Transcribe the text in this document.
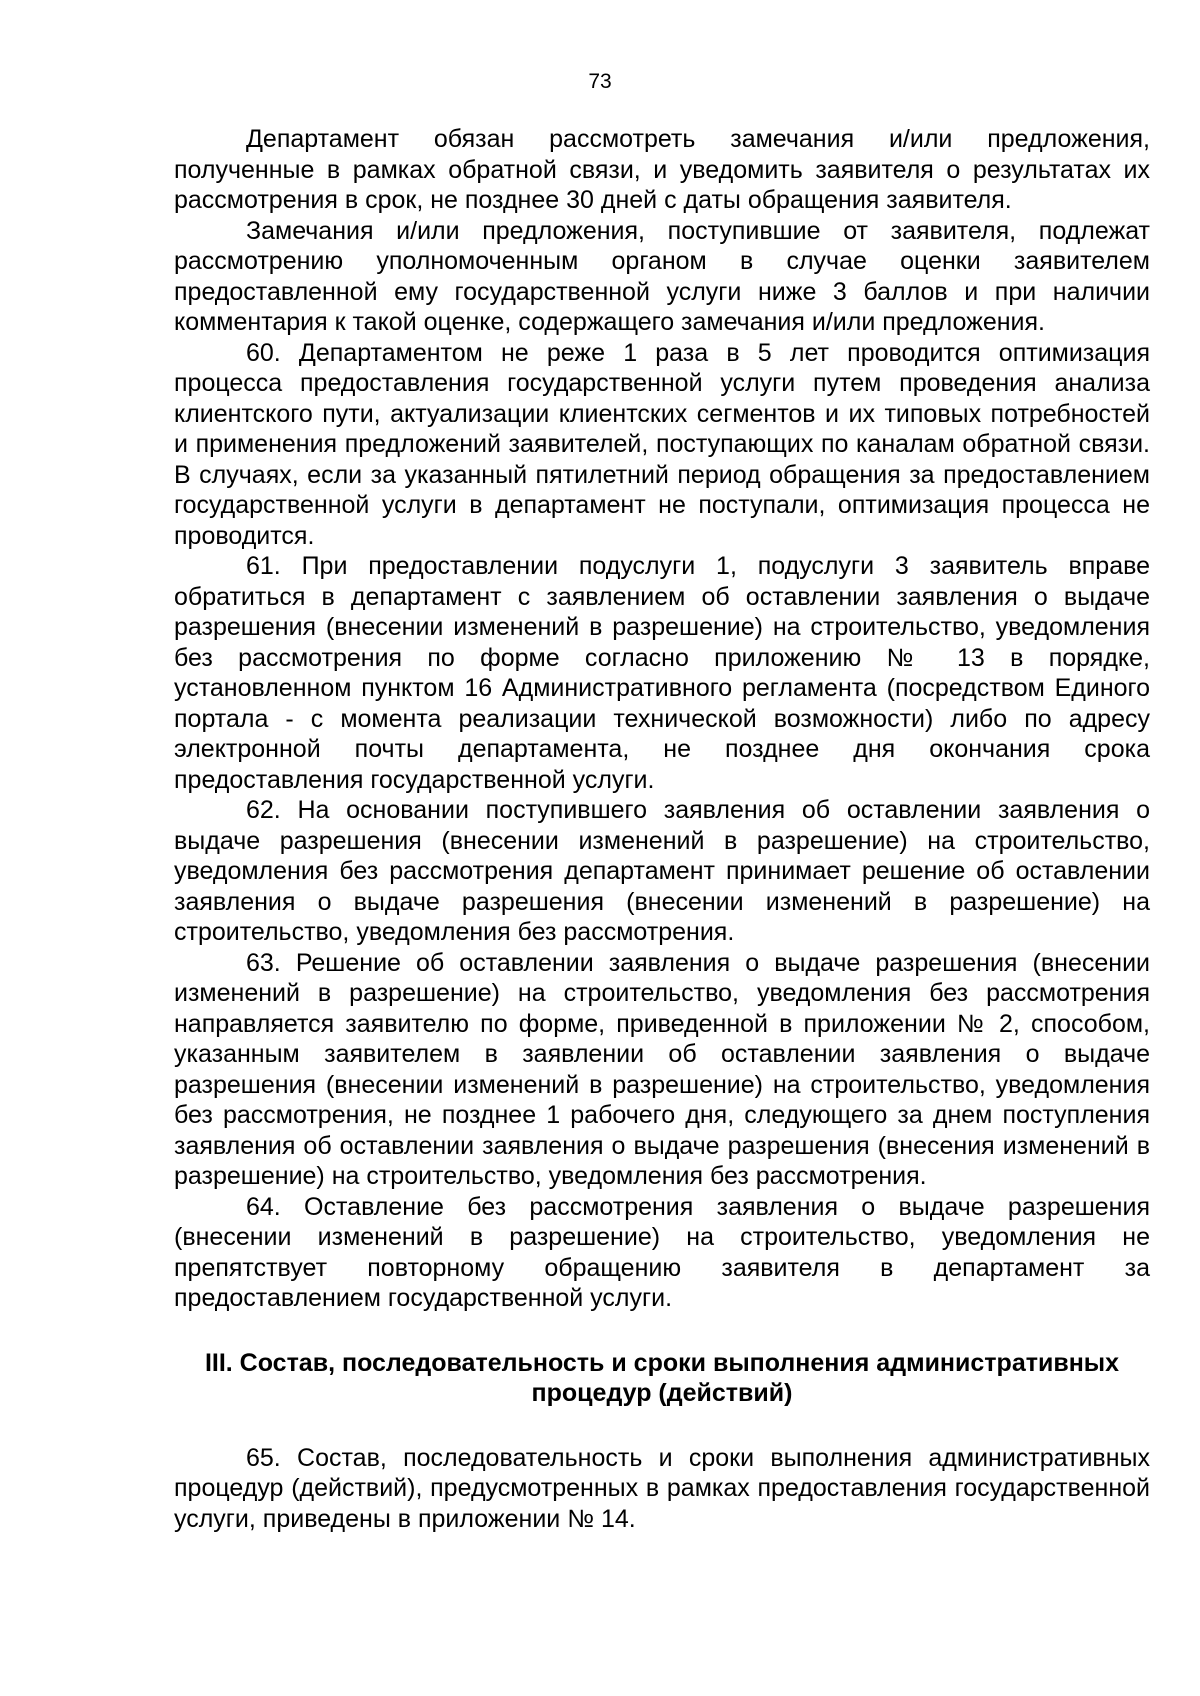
73

Департамент обязан рассмотреть замечания и/или предложения, полученные в рамках обратной связи, и уведомить заявителя о результатах их рассмотрения в срок, не позднее 30 дней с даты обращения заявителя.

Замечания и/или предложения, поступившие от заявителя, подлежат рассмотрению уполномоченным органом в случае оценки заявителем предоставленной ему государственной услуги ниже 3 баллов и при наличии комментария к такой оценке, содержащего замечания и/или предложения.

60. Департаментом не реже 1 раза в 5 лет проводится оптимизация процесса предоставления государственной услуги путем проведения анализа клиентского пути, актуализации клиентских сегментов и их типовых потребностей и применения предложений заявителей, поступающих по каналам обратной связи. В случаях, если за указанный пятилетний период обращения за предоставлением государственной услуги в департамент не поступали, оптимизация процесса не проводится.

61. При предоставлении подуслуги 1, подуслуги 3 заявитель вправе обратиться в департамент с заявлением об оставлении заявления о выдаче разрешения (внесении изменений в разрешение) на строительство, уведомления без рассмотрения по форме согласно приложению № 13 в порядке, установленном пунктом 16 Административного регламента (посредством Единого портала - с момента реализации технической возможности) либо по адресу электронной почты департамента, не позднее дня окончания срока предоставления государственной услуги.

62. На основании поступившего заявления об оставлении заявления о выдаче разрешения (внесении изменений в разрешение) на строительство, уведомления без рассмотрения департамент принимает решение об оставлении заявления о выдаче разрешения (внесении изменений в разрешение) на строительство, уведомления без рассмотрения.

63. Решение об оставлении заявления о выдаче разрешения (внесении изменений в разрешение) на строительство, уведомления без рассмотрения направляется заявителю по форме, приведенной в приложении № 2, способом, указанным заявителем в заявлении об оставлении заявления о выдаче разрешения (внесении изменений в разрешение) на строительство, уведомления без рассмотрения, не позднее 1 рабочего дня, следующего за днем поступления заявления об оставлении заявления о выдаче разрешения (внесения изменений в разрешение) на строительство, уведомления без рассмотрения.

64. Оставление без рассмотрения заявления о выдаче разрешения (внесении изменений в разрешение) на строительство, уведомления не препятствует повторному обращению заявителя в департамент за предоставлением государственной услуги.

III. Состав, последовательность и сроки выполнения административных
процедур (действий)

65. Состав, последовательность и сроки выполнения административных процедур (действий), предусмотренных в рамках предоставления государственной услуги, приведены в приложении № 14.
